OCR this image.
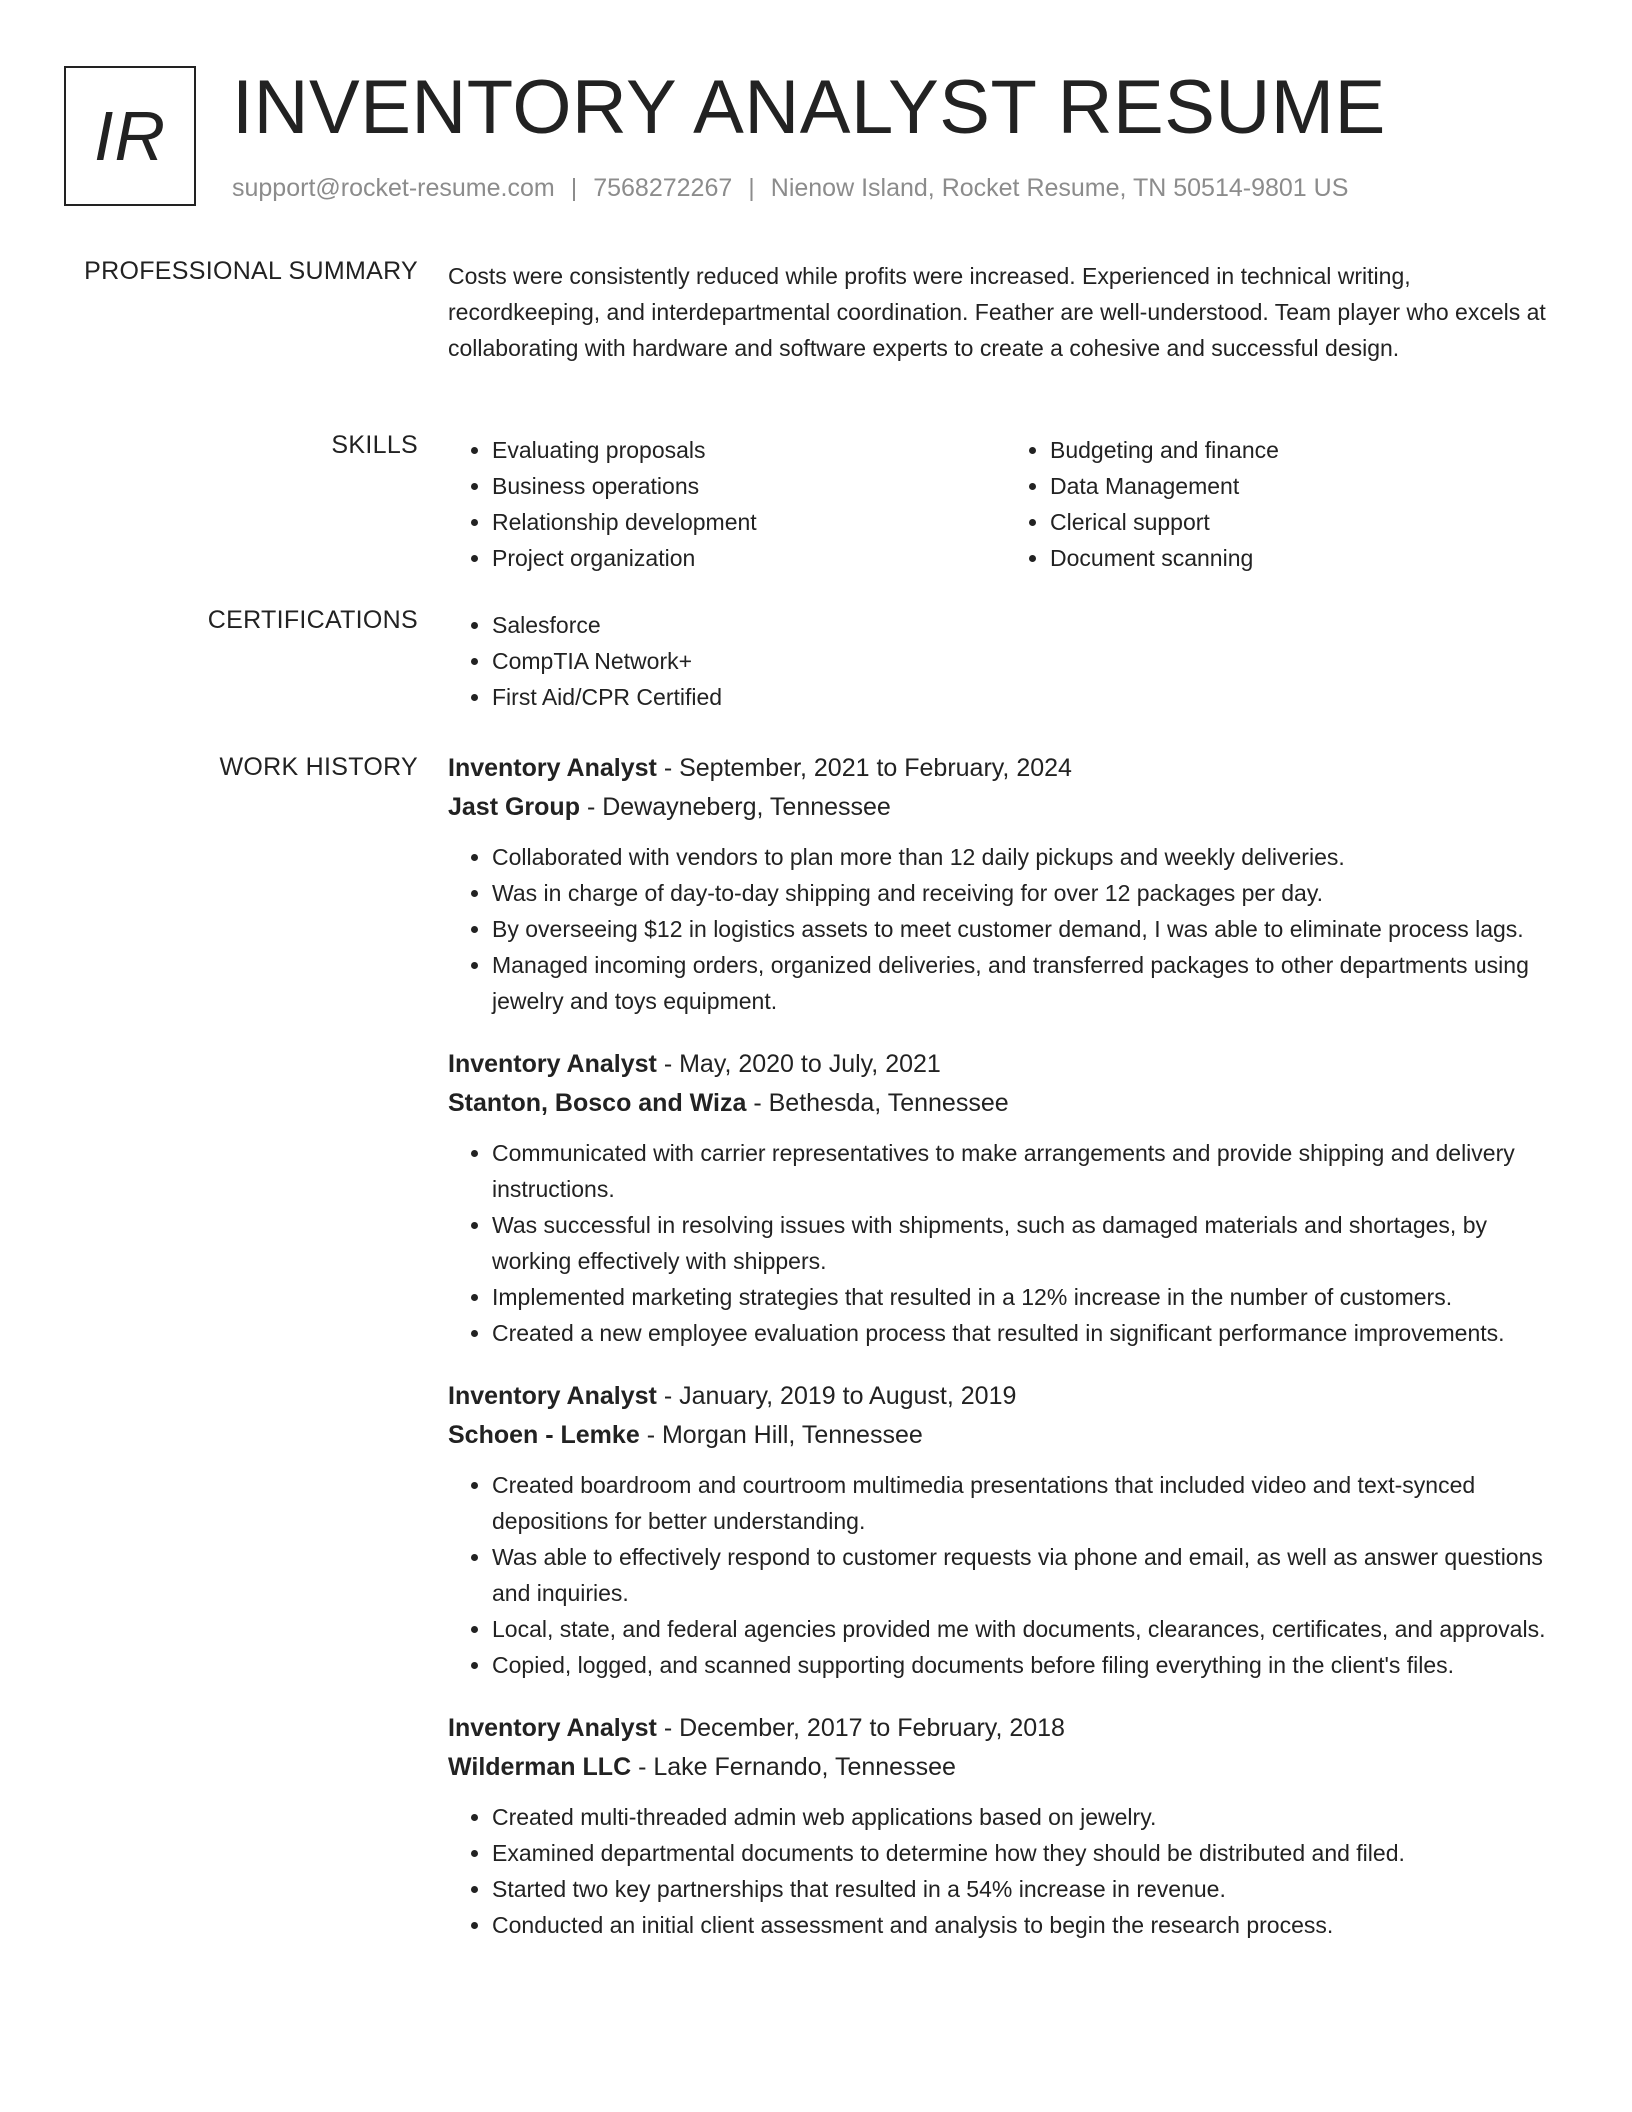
IR INVENTORY ANALYST RESUME
support@rocket-resume.com | 7568272267 | Nienow Island, Rocket Resume, TN 50514-9801 US
PROFESSIONAL SUMMARY Costs were consistently reduced while profits were increased. Experienced in technical writing, recordkeeping, and interdepartmental coordination. Feather are well-understood. Team player who excels at collaborating with hardware and software experts to create a cohesive and successful design.

SKILLS	• Evaluating proposals
• Business operations
• Relationship development
• Project organization
• Budgeting and finance
• Data Management
• Clerical support
• Document scanning
CERTIFICATIONS	• Salesforce
• CompTIA Network+
• First Aid/CPR Certified
WORK HISTORY Inventory Analyst - September, 2021 to February, 2024
Jast Group - Dewayneberg, Tennessee
• Collaborated with vendors to plan more than 12 daily pickups and weekly deliveries.
• Was in charge of day-to-day shipping and receiving for over 12 packages per day.
• By overseeing $12 in logistics assets to meet customer demand, I was able to eliminate process lags.
• Managed incoming orders, organized deliveries, and transferred packages to other departments using jewelry and toys equipment.
Inventory Analyst - May, 2020 to July, 2021
Stanton, Bosco and Wiza - Bethesda, Tennessee
• Communicated with carrier representatives to make arrangements and provide shipping and delivery instructions.
• Was successful in resolving issues with shipments, such as damaged materials and shortages, by working effectively with shippers.
• Implemented marketing strategies that resulted in a 12% increase in the number of customers.
• Created a new employee evaluation process that resulted in significant performance improvements.
Inventory Analyst - January, 2019 to August, 2019
Schoen - Lemke - Morgan Hill, Tennessee
• Created boardroom and courtroom multimedia presentations that included video and text-synced depositions for better understanding.
• Was able to effectively respond to customer requests via phone and email, as well as answer questions and inquiries.
• Local, state, and federal agencies provided me with documents, clearances, certificates, and approvals.
• Copied, logged, and scanned supporting documents before filing everything in the client's files.
Inventory Analyst - December, 2017 to February, 2018
Wilderman LLC - Lake Fernando, Tennessee
• Created multi-threaded admin web applications based on jewelry.
• Examined departmental documents to determine how they should be distributed and filed.
• Started two key partnerships that resulted in a 54% increase in revenue.
• Conducted an initial client assessment and analysis to begin the research process.
